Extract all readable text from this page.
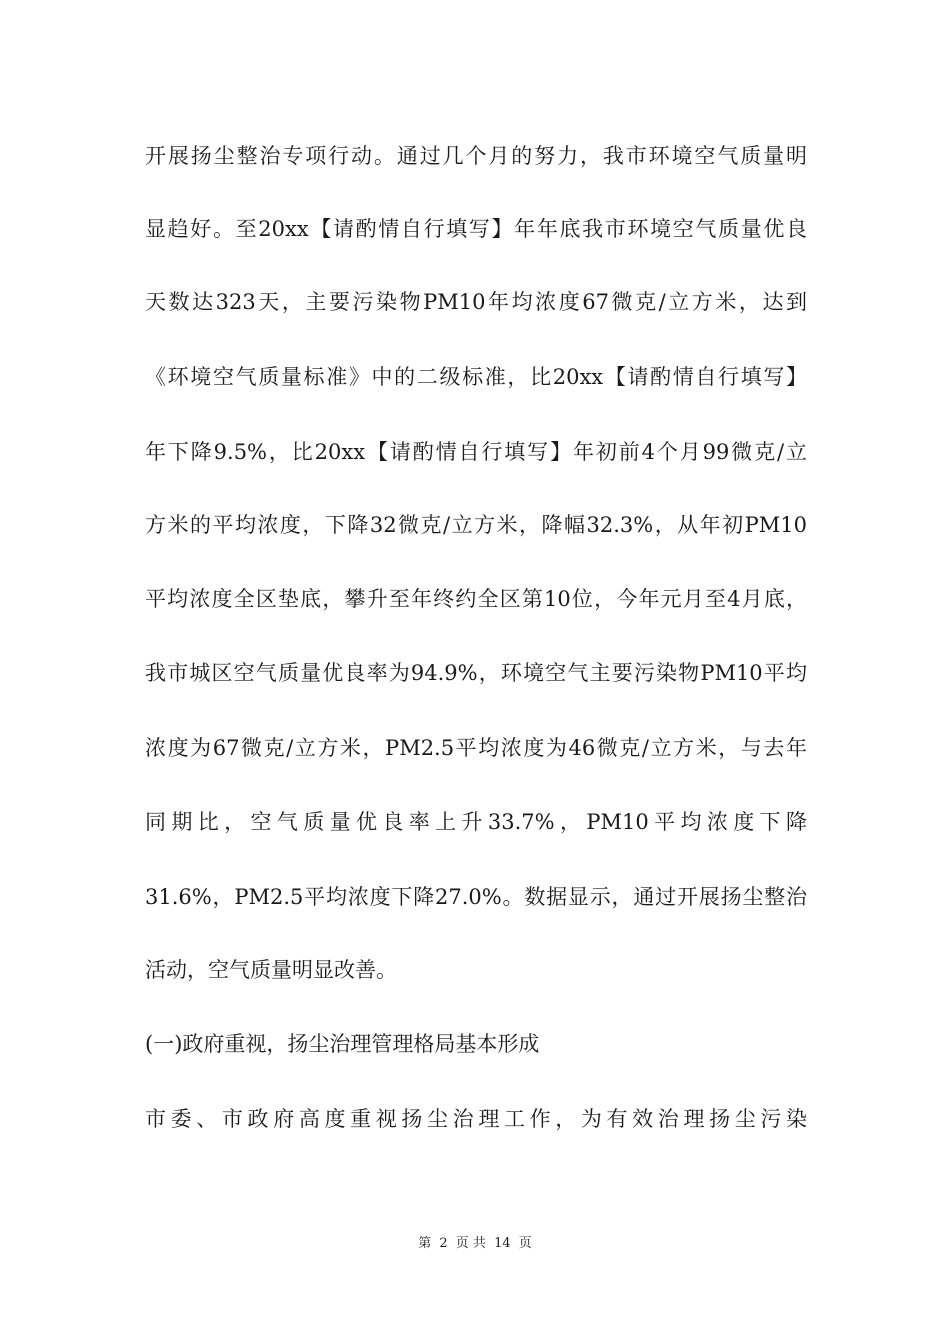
开展扬尘整治专项行动。通过几个月的努力，我市环境空气质量明

显趋好。至20xx【请酌情自行填写】年年底我市环境空气质量优良

天数达323天，主要污染物PM10年均浓度67微克/立方米，达到

《环境空气质量标准》中的二级标准，比20xx【请酌情自行填写】

年下降9.5%，比20xx【请酌情自行填写】年初前4个月99微克/立

方米的平均浓度，下降32微克/立方米，降幅32.3%，从年初PM10

平均浓度全区垫底，攀升至年终约全区第10位，今年元月至4月底，

我市城区空气质量优良率为94.9%，环境空气主要污染物PM10平均

浓度为67微克/立方米，PM2.5平均浓度为46微克/立方米，与去年

同期比，空气质量优良率上升33.7%，PM10平均浓度下降

31.6%，PM2.5平均浓度下降27.0%。数据显示，通过开展扬尘整治

活动，空气质量明显改善。

(一)政府重视，扬尘治理管理格局基本形成

市委、市政府高度重视扬尘治理工作，为有效治理扬尘污染

第 2 页 共 14 页
